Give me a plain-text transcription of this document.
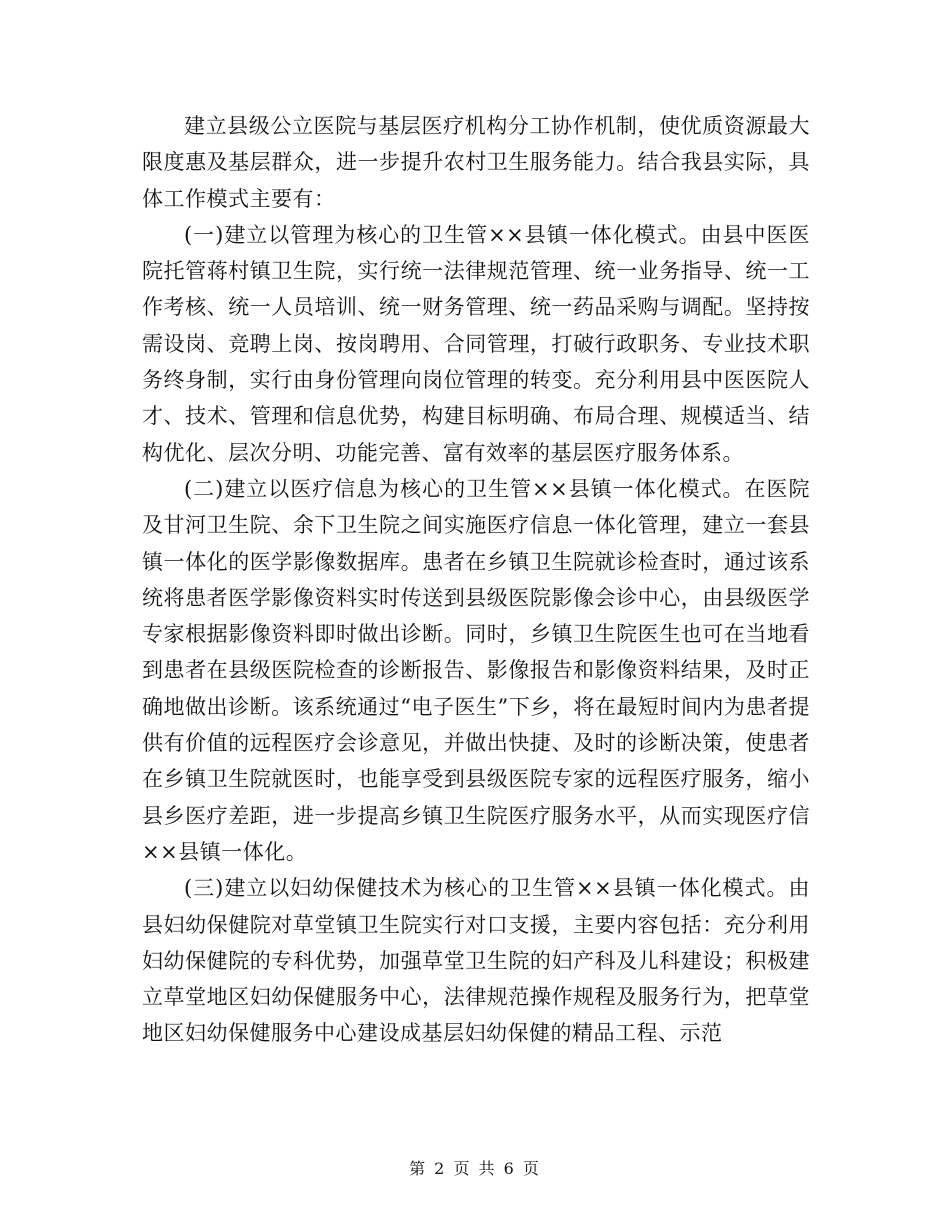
建立县级公立医院与基层医疗机构分工协作机制，使优质资源最大限度惠及基层群众，进一步提升农村卫生服务能力。结合我县实际，具体工作模式主要有：

(一)建立以管理为核心的卫生管××县镇一体化模式。由县中医医院托管蒋村镇卫生院，实行统一法律规范管理、统一业务指导、统一工作考核、统一人员培训、统一财务管理、统一药品采购与调配。坚持按需设岗、竞聘上岗、按岗聘用、合同管理，打破行政职务、专业技术职务终身制，实行由身份管理向岗位管理的转变。充分利用县中医医院人才、技术、管理和信息优势，构建目标明确、布局合理、规模适当、结构优化、层次分明、功能完善、富有效率的基层医疗服务体系。

(二)建立以医疗信息为核心的卫生管××县镇一体化模式。在医院及甘河卫生院、余下卫生院之间实施医疗信息一体化管理，建立一套县镇一体化的医学影像数据库。患者在乡镇卫生院就诊检查时，通过该系统将患者医学影像资料实时传送到县级医院影像会诊中心，由县级医学专家根据影像资料即时做出诊断。同时，乡镇卫生院医生也可在当地看到患者在县级医院检查的诊断报告、影像报告和影像资料结果，及时正确地做出诊断。该系统通过“电子医生”下乡，将在最短时间内为患者提供有价值的远程医疗会诊意见，并做出快捷、及时的诊断决策，使患者在乡镇卫生院就医时，也能享受到县级医院专家的远程医疗服务，缩小县乡医疗差距，进一步提高乡镇卫生院医疗服务水平，从而实现医疗信××县镇一体化。

(三)建立以妇幼保健技术为核心的卫生管××县镇一体化模式。由县妇幼保健院对草堂镇卫生院实行对口支援，主要内容包括：充分利用妇幼保健院的专科优势，加强草堂卫生院的妇产科及儿科建设；积极建立草堂地区妇幼保健服务中心，法律规范操作规程及服务行为，把草堂地区妇幼保健服务中心建设成基层妇幼保健的精品工程、示范

第 2 页 共 6 页
